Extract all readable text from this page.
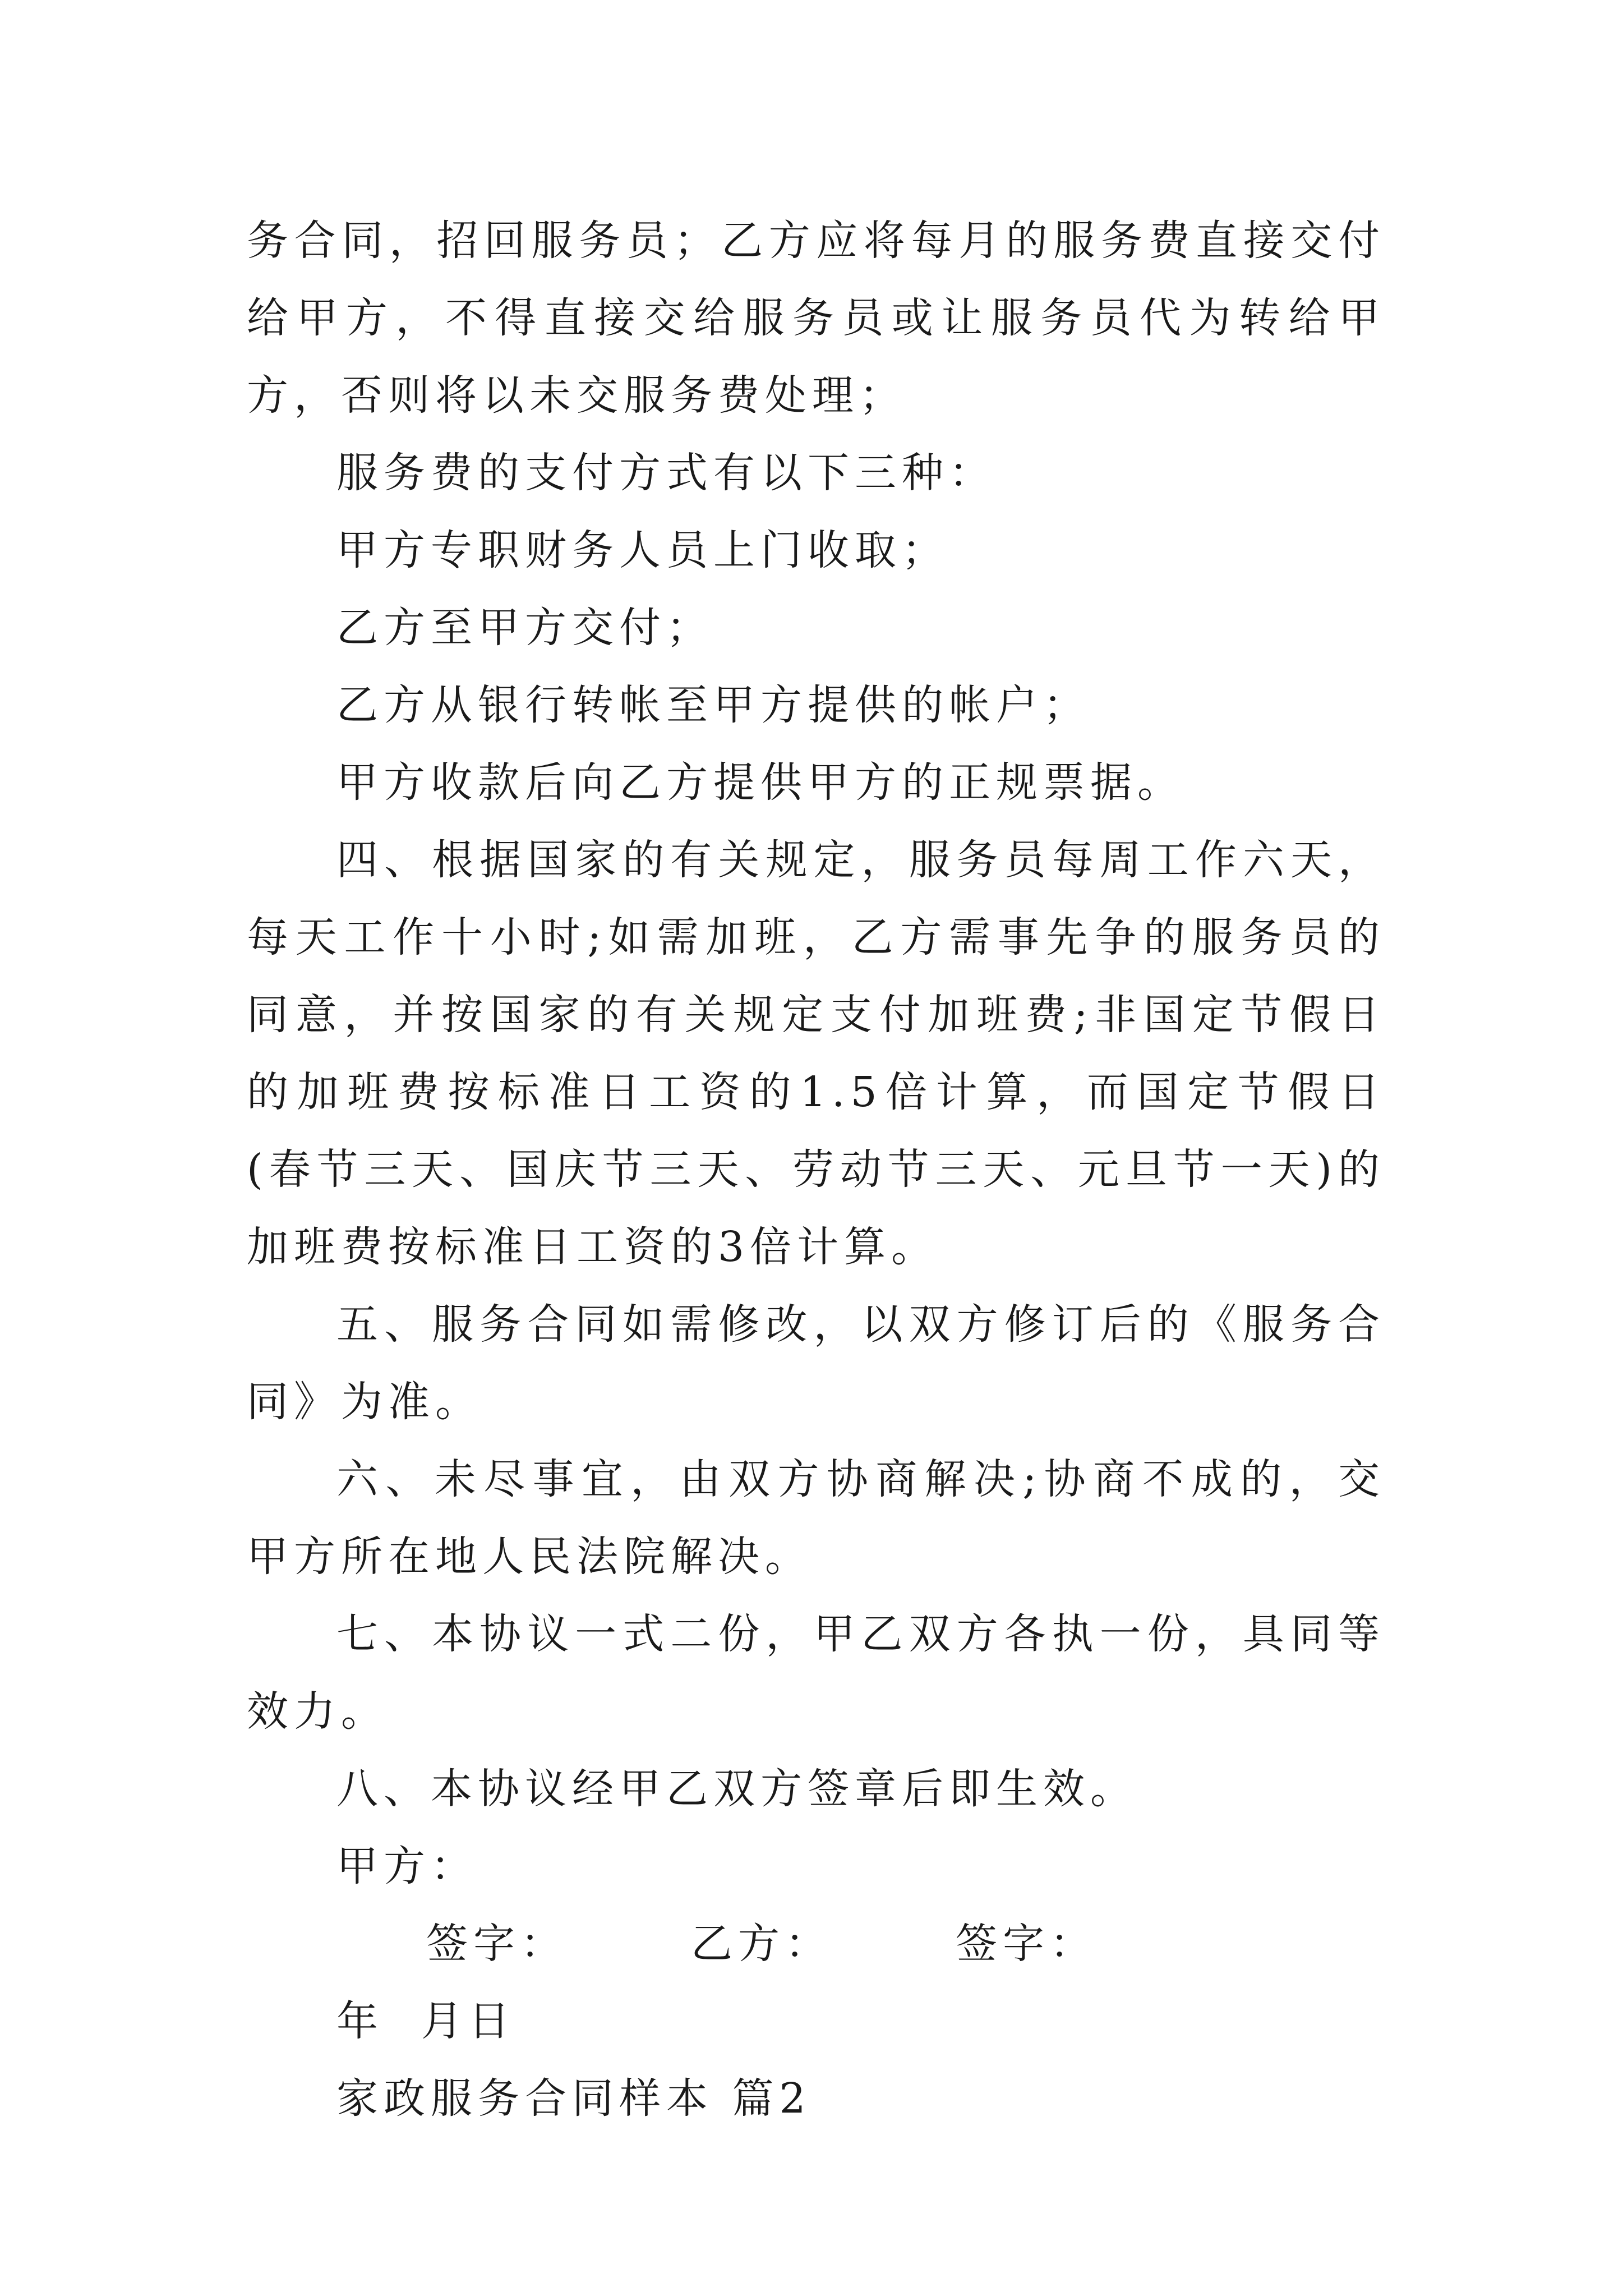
务合同，招回服务员；乙方应将每月的服务费直接交付给甲方，不得直接交给服务员或让服务员代为转给甲方，否则将以未交服务费处理；

服务费的支付方式有以下三种：

甲方专职财务人员上门收取；

乙方至甲方交付；

乙方从银行转帐至甲方提供的帐户；

甲方收款后向乙方提供甲方的正规票据。

四、根据国家的有关规定，服务员每周工作六天，每天工作十小时;如需加班，乙方需事先争的服务员的同意，并按国家的有关规定支付加班费;非国定节假日的加班费按标准日工资的1.5倍计算，而国定节假日(春节三天、国庆节三天、劳动节三天、元旦节一天)的加班费按标准日工资的3倍计算。

五、服务合同如需修改，以双方修订后的《服务合同》为准。

六、未尽事宜，由双方协商解决;协商不成的，交甲方所在地人民法院解决。

七、本协议一式二份，甲乙双方各执一份，具同等效力。

八、本协议经甲乙双方签章后即生效。

甲方：

签字：	乙方：	签字：

年  月日

家政服务合同样本 篇2
